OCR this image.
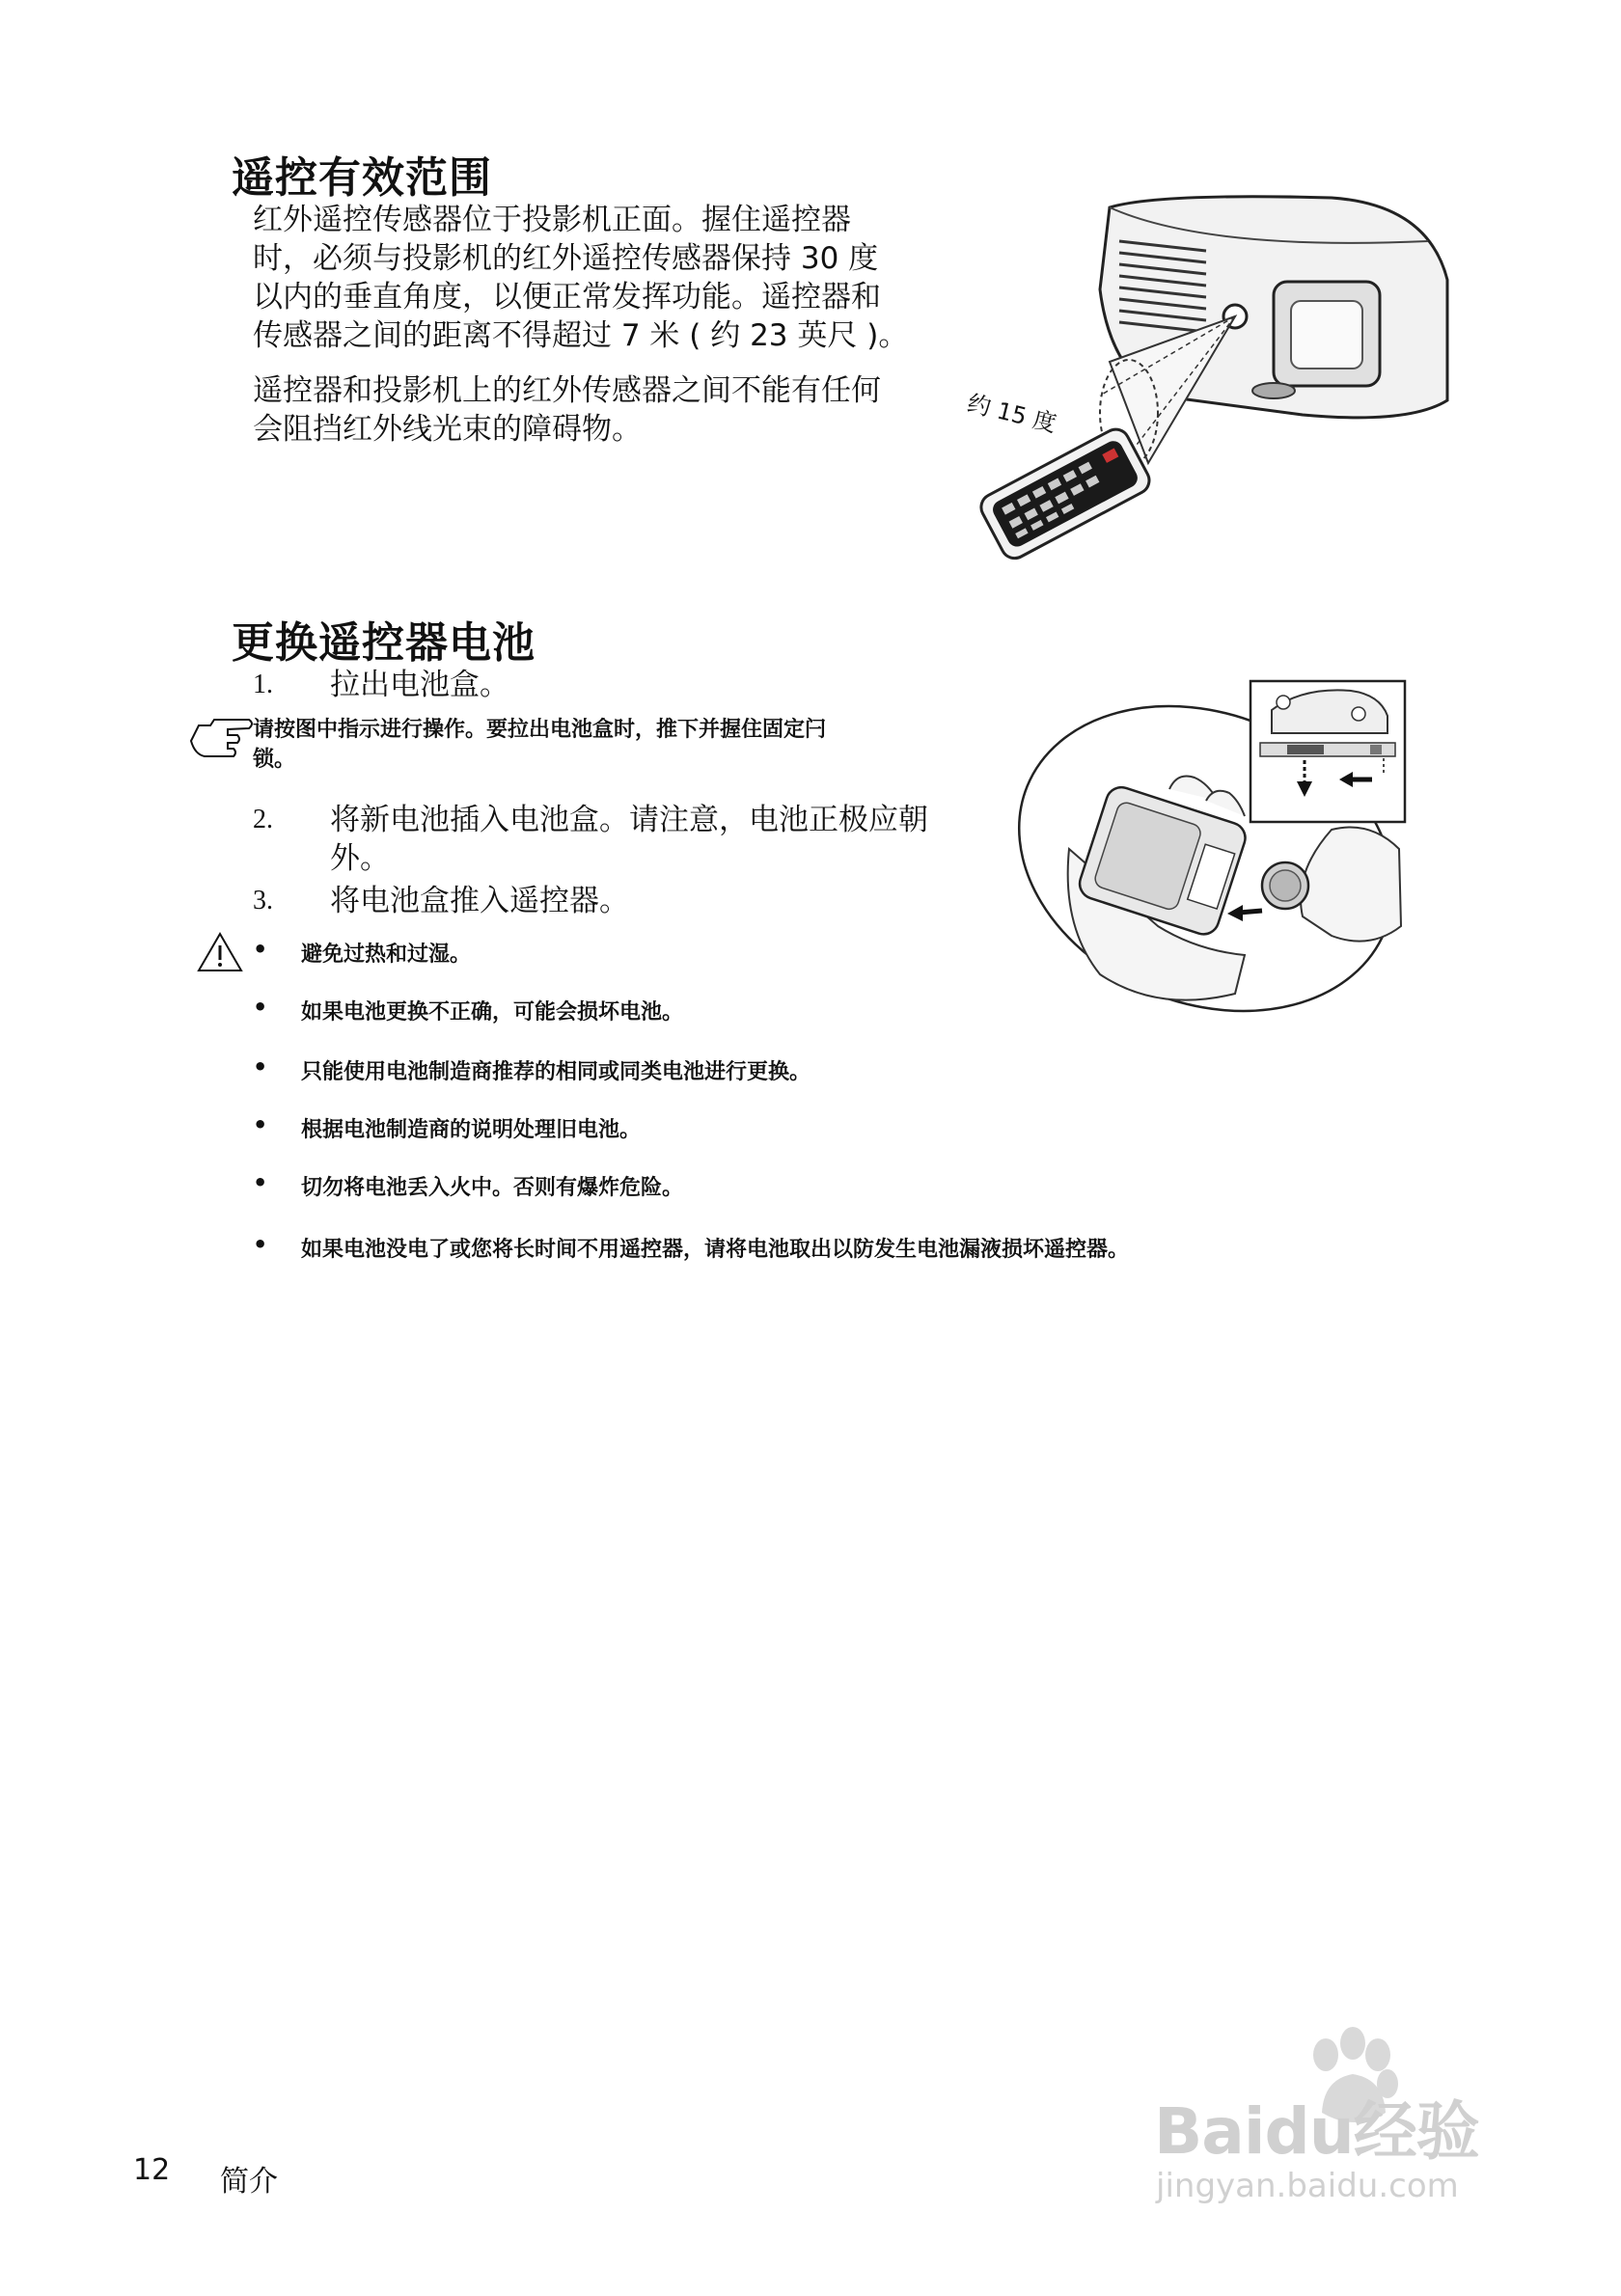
遥控有效范围
红外遥控传感器位于投影机正面。握住遥控器
时，必须与投影机的红外遥控传感器保持 30 度
以内的垂直角度，以便正常发挥功能。遥控器和
传感器之间的距离不得超过 7 米 ( 约 23 英尺 )。
遥控器和投影机上的红外传感器之间不能有任何
会阻挡红外线光束的障碍物。	约 15 度
更换遥控器电池
1. 拉出电池盒。
请按图中指示进行操作。要拉出电池盒时，推下并握住固定闩
锁。
2. 将新电池插入电池盒。请注意，电池正极应朝
外。
3. 将电池盒推入遥控器。
• 避免过热和过湿。
• 如果电池更换不正确，可能会损坏电池。
• 只能使用电池制造商推荐的相同或同类电池进行更换。
• 根据电池制造商的说明处理旧电池。
• 切勿将电池丢入火中。否则有爆炸危险。
• 如果电池没电了或您将长时间不用遥控器，请将电池取出以防发生电池漏液损坏遥控器。
12 简介
Baidu经验
jingyan.baidu.com
